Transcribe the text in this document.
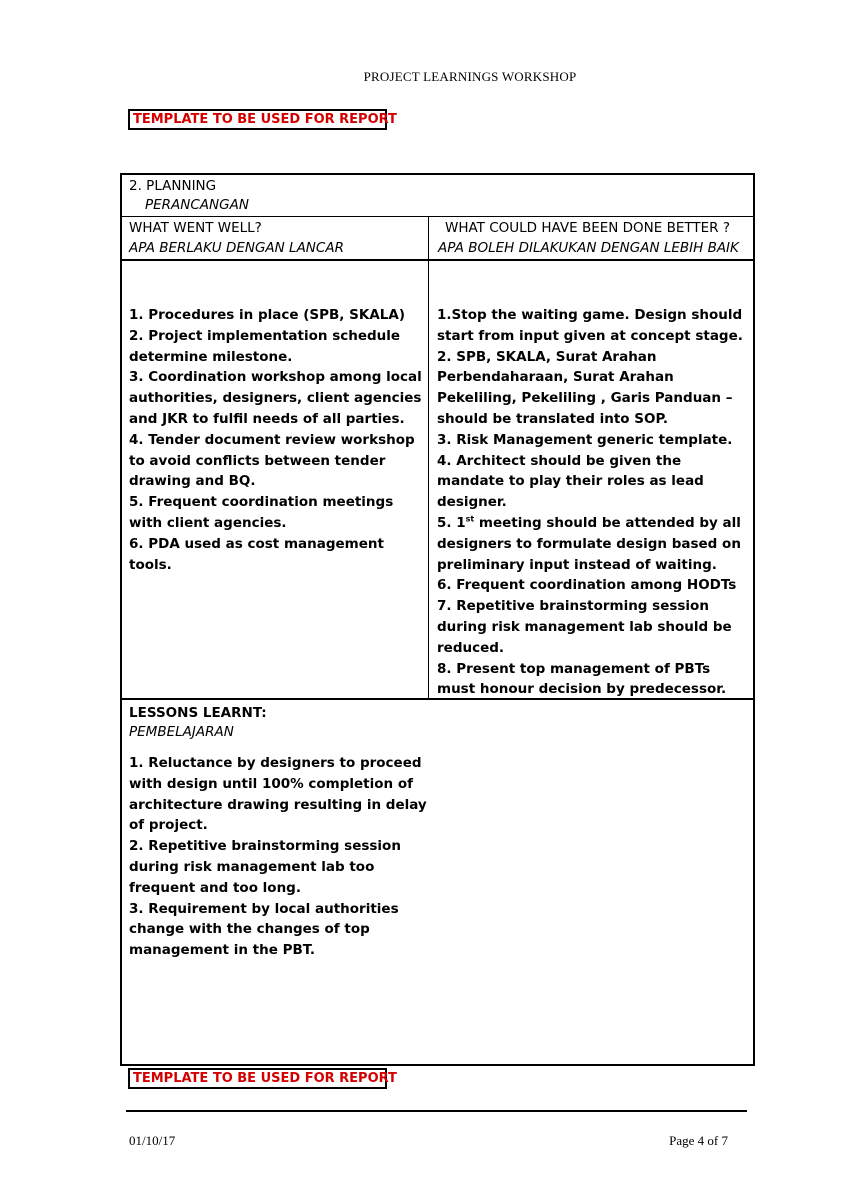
PROJECT LEARNINGS WORKSHOP
TEMPLATE TO BE USED FOR REPORT
2. PLANNING
PERANCANGAN
WHAT WENT WELL?
APA BERLAKU DENGAN LANCAR
WHAT COULD HAVE BEEN DONE BETTER ?
APA BOLEH DILAKUKAN DENGAN LEBIH BAIK
1. Procedures in place (SPB, SKALA)
2. Project implementation schedule determine milestone.
3. Coordination workshop among local authorities, designers, client agencies and JKR to fulfil needs of all parties.
4. Tender document review workshop to avoid conflicts between tender drawing and BQ.
5. Frequent coordination meetings with client agencies.
6. PDA used as cost management tools.
1.Stop the waiting game. Design should start from input given at concept stage.
2. SPB, SKALA, Surat Arahan Perbendaharaan, Surat Arahan Pekeliling, Pekeliling , Garis Panduan – should be translated into SOP.
3. Risk Management generic template.
4. Architect should be given the mandate to play their roles as lead designer.
5. 1st meeting should be attended by all designers to formulate design based on preliminary input instead of waiting.
6. Frequent coordination among HODTs
7. Repetitive brainstorming session during risk management lab should be reduced.
8. Present top management of PBTs must honour decision by predecessor.
LESSONS LEARNT:
PEMBELAJARAN
1. Reluctance by designers to proceed with design until 100% completion of architecture drawing resulting in delay of project.
2. Repetitive brainstorming session during risk management lab too frequent and too long.
3. Requirement by local authorities change with the changes of top management in the PBT.
TEMPLATE TO BE USED FOR REPORT
01/10/17	Page 4 of 7
